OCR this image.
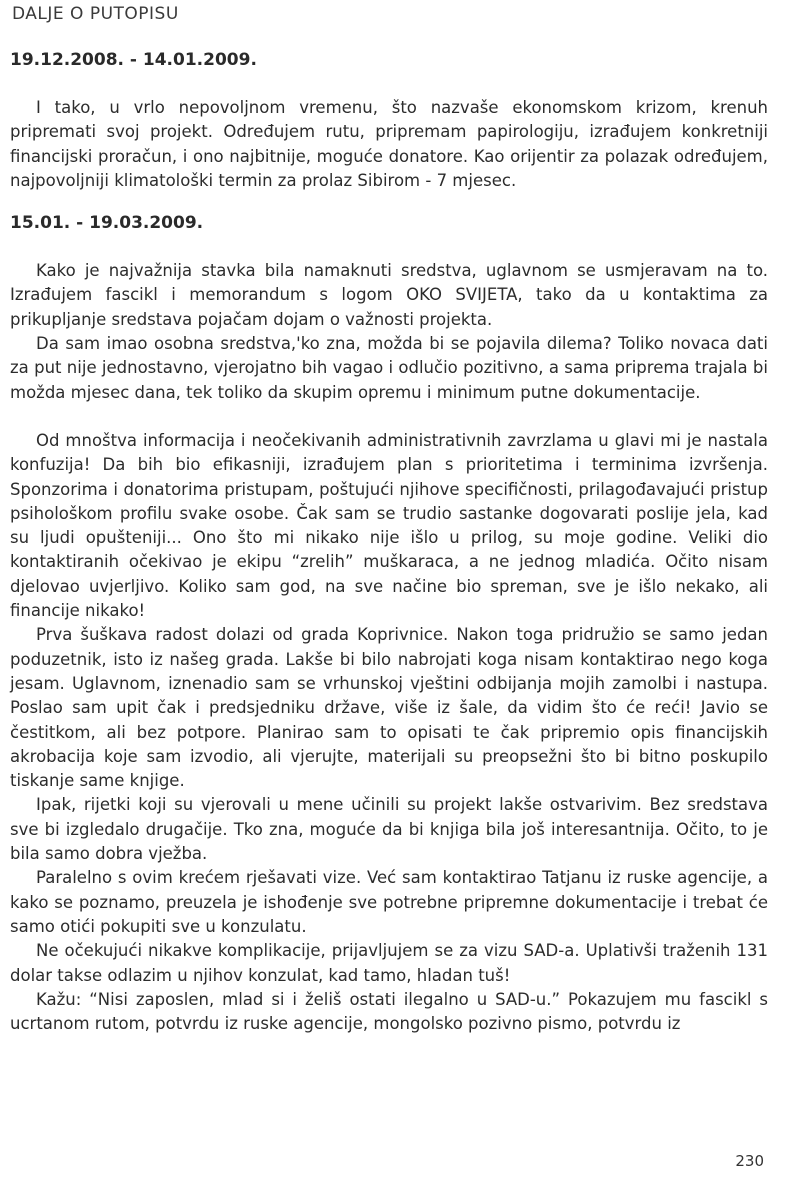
DALJE O PUTOPISU

19.12.2008. - 14.01.2009.

I tako, u vrlo nepovoljnom vremenu, što nazvaše ekonomskom krizom, krenuh pripremati svoj projekt. Određujem rutu, pripremam papirologiju, izrađujem konkretniji financijski proračun, i ono najbitnije, moguće donatore. Kao orijentir za polazak određujem, najpovoljniji klimatološki termin za prolaz Sibirom - 7 mjesec.

15.01. - 19.03.2009.

Kako je najvažnija stavka bila namaknuti sredstva, uglavnom se usmjeravam na to. Izrađujem fascikl i memorandum s logom OKO SVIJETA, tako da u kontaktima za prikupljanje sredstava pojačam dojam o važnosti projekta.

Da sam imao osobna sredstva,'ko zna, možda bi se pojavila dilema? Toliko novaca dati za put nije jednostavno, vjerojatno bih vagao i odlučio pozitivno, a sama priprema trajala bi možda mjesec dana, tek toliko da skupim opremu i minimum putne dokumentacije.

Od mnoštva informacija i neočekivanih administrativnih zavrzlama u glavi mi je nastala konfuzija! Da bih bio efikasniji, izrađujem plan s prioritetima i terminima izvršenja. Sponzorima i donatorima pristupam, poštujući njihove specifičnosti, prilagođavajući pristup psihološkom profilu svake osobe. Čak sam se trudio sastanke dogovarati poslije jela, kad su ljudi opušteniji... Ono što mi nikako nije išlo u prilog, su moje godine. Veliki dio kontaktiranih očekivao je ekipu “zrelih” muškaraca, a ne jednog mladića. Očito nisam djelovao uvjerljivo. Koliko sam god, na sve načine bio spreman, sve je išlo nekako, ali financije nikako!

Prva šuškava radost dolazi od grada Koprivnice. Nakon toga pridružio se samo jedan poduzetnik, isto iz našeg grada. Lakše bi bilo nabrojati koga nisam kontaktirao nego koga jesam. Uglavnom, iznenadio sam se vrhunskoj vještini odbijanja mojih zamolbi i nastupa. Poslao sam upit čak i predsjedniku države, više iz šale, da vidim što će reći! Javio se čestitkom, ali bez potpore. Planirao sam to opisati te čak pripremio opis financijskih akrobacija koje sam izvodio, ali vjerujte, materijali su preopsežni što bi bitno poskupilo tiskanje same knjige.

Ipak, rijetki koji su vjerovali u mene učinili su projekt lakše ostvarivim. Bez sredstava sve bi izgledalo drugačije. Tko zna, moguće da bi knjiga bila još interesantnija. Očito, to je bila samo dobra vježba.

Paralelno s ovim krećem rješavati vize. Već sam kontaktirao Tatjanu iz ruske agencije, a kako se poznamo, preuzela je ishođenje sve potrebne pripremne dokumentacije i trebat će samo otići pokupiti sve u konzulatu.

Ne očekujući nikakve komplikacije, prijavljujem se za vizu SAD-a. Uplativši traženih 131 dolar takse odlazim u njihov konzulat, kad tamo, hladan tuš!

Kažu: “Nisi zaposlen, mlad si i želiš ostati ilegalno u SAD-u.” Pokazujem mu fascikl s ucrtanom rutom, potvrdu iz ruske agencije, mongolsko pozivno pismo, potvrdu iz

230
